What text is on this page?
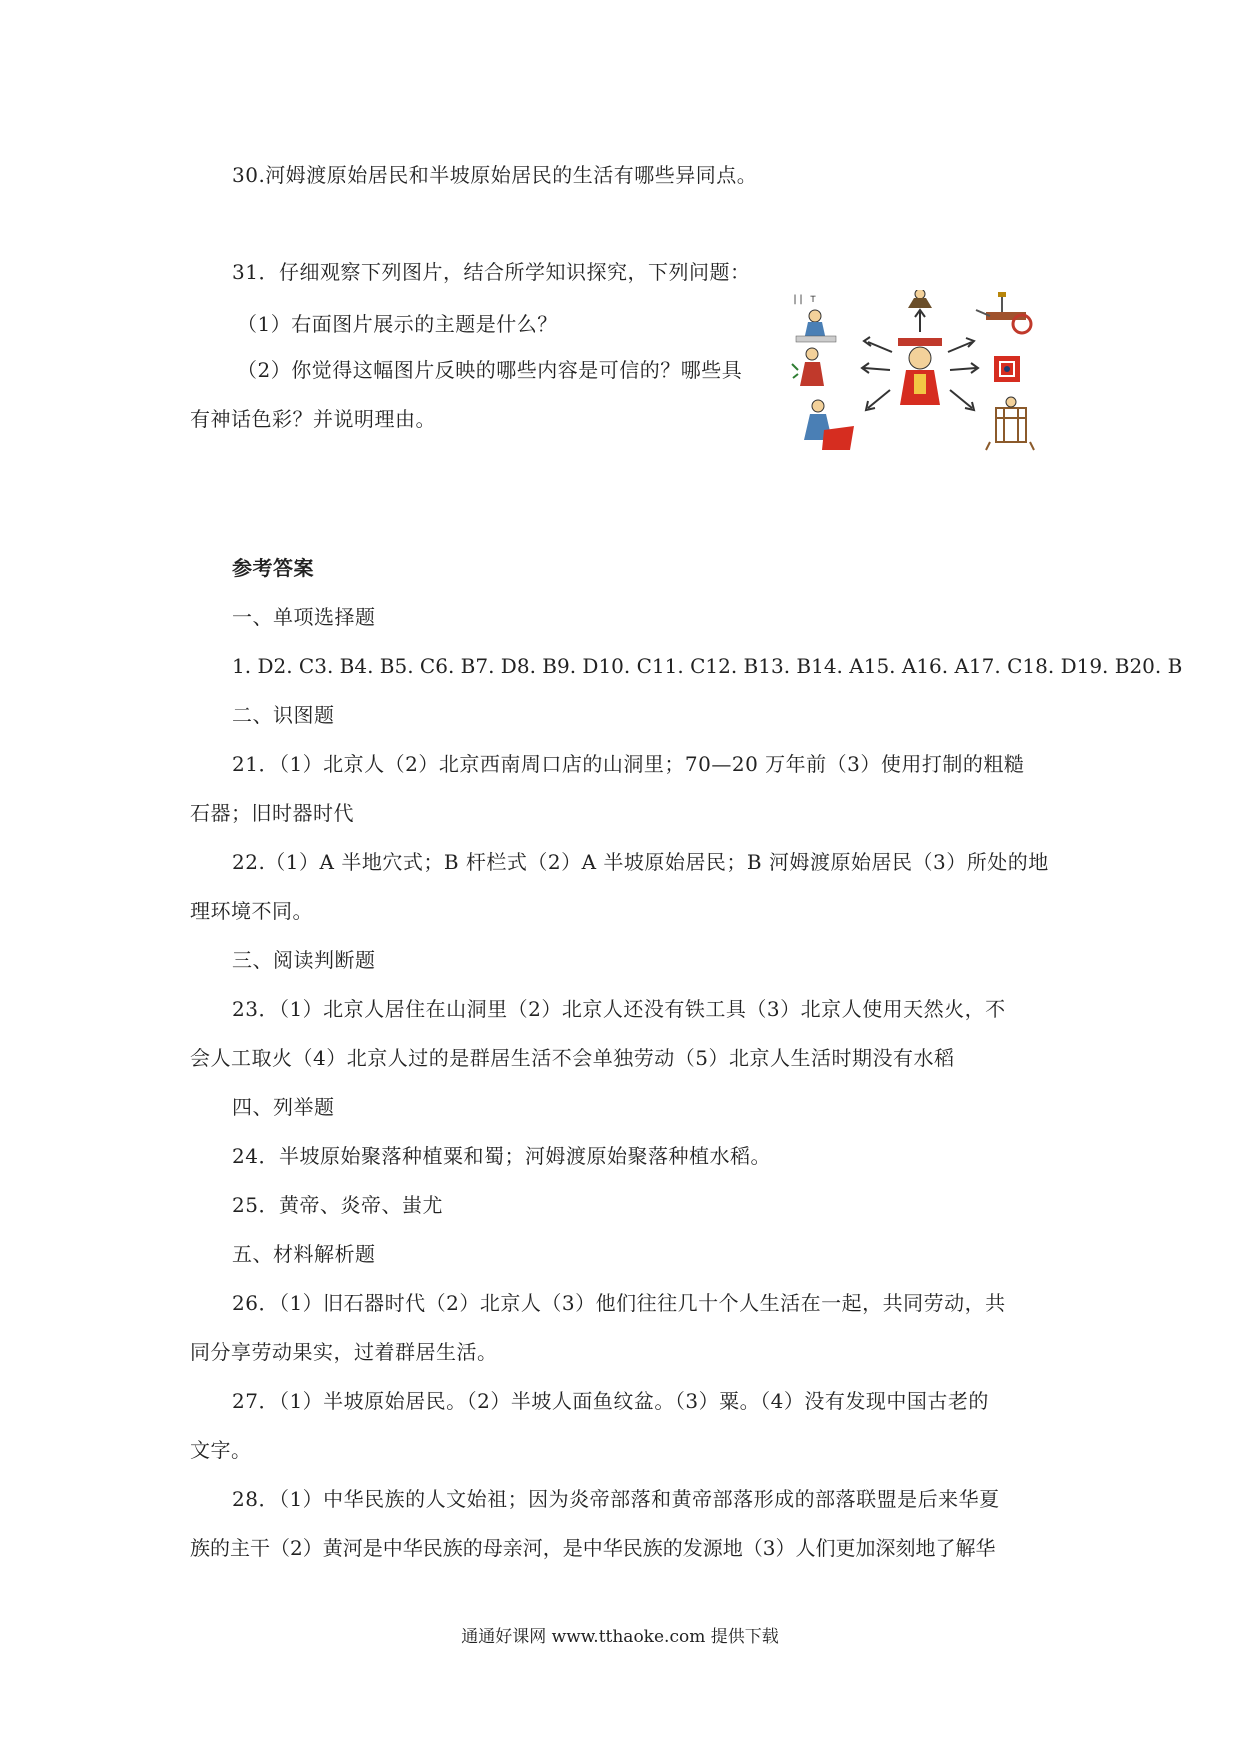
30.河姆渡原始居民和半坡原始居民的生活有哪些异同点。
31．仔细观察下列图片，结合所学知识探究，下列问题：
（1）右面图片展示的主题是什么？
（2）你觉得这幅图片反映的哪些内容是可信的？哪些具
有神话色彩？并说明理由。
|| ⊤
参考答案
一、单项选择题
1. D2. C3. B4. B5. C6. B7. D8. B9. D10. C11. C12. B13. B14. A15. A16. A17. C18. D19. B20. B
二、识图题
21．（1）北京人（2）北京西南周口店的山洞里；70—20 万年前（3）使用打制的粗糙
石器；旧时器时代
22.（1）A 半地穴式；B 杆栏式（2）A 半坡原始居民；B 河姆渡原始居民（3）所处的地
理环境不同。
三、阅读判断题
23．（1）北京人居住在山洞里（2）北京人还没有铁工具（3）北京人使用天然火，不
会人工取火（4）北京人过的是群居生活不会单独劳动（5）北京人生活时期没有水稻
四、列举题
24．半坡原始聚落种植粟和蜀；河姆渡原始聚落种植水稻。
25．黄帝、炎帝、蚩尤
五、材料解析题
26．（1）旧石器时代（2）北京人（3）他们往往几十个人生活在一起，共同劳动，共
同分享劳动果实，过着群居生活。
27．（1）半坡原始居民。（2）半坡人面鱼纹盆。（3）粟。（4）没有发现中国古老的
文字。
28．（1）中华民族的人文始祖；因为炎帝部落和黄帝部落形成的部落联盟是后来华夏
族的主干（2）黄河是中华民族的母亲河，是中华民族的发源地（3）人们更加深刻地了解华
通通好课网 www.tthaoke.com 提供下载
